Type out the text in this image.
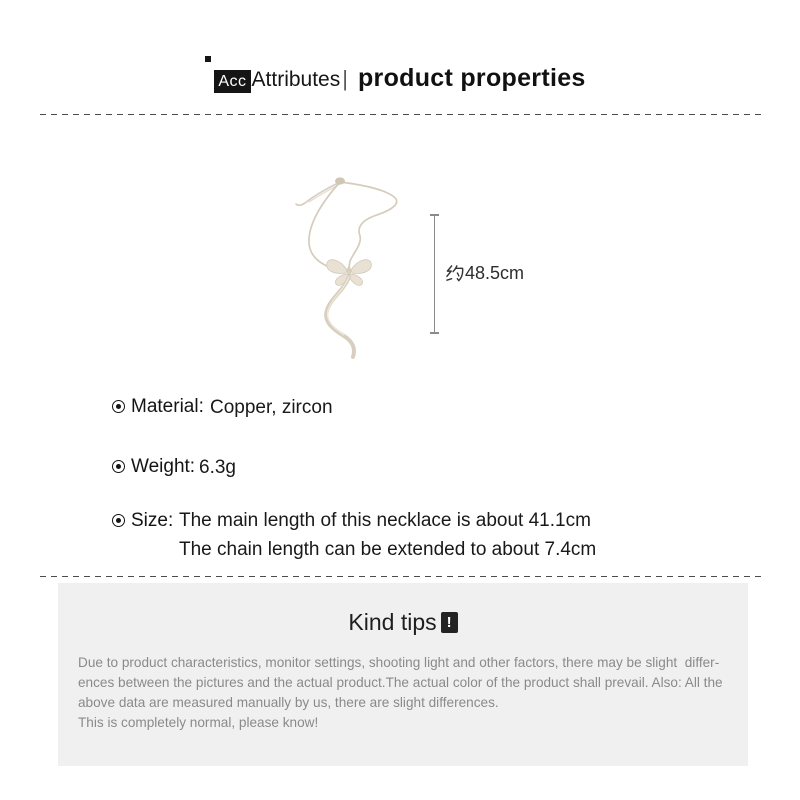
Acc Attributes | product properties
48.5cm
Material: Copper, zircon
Weight: 6.3g
Size: The main length of this necklace is about 41.1cm
The chain length can be extended to about 7.4cm
Kind tips !
Due to product characteristics, monitor settings, shooting light and other factors, there may be slight  differ-
ences between the pictures and the actual product.The actual color of the product shall prevail. Also: All the
above data are measured manually by us, there are slight differences.
This is completely normal, please know!
